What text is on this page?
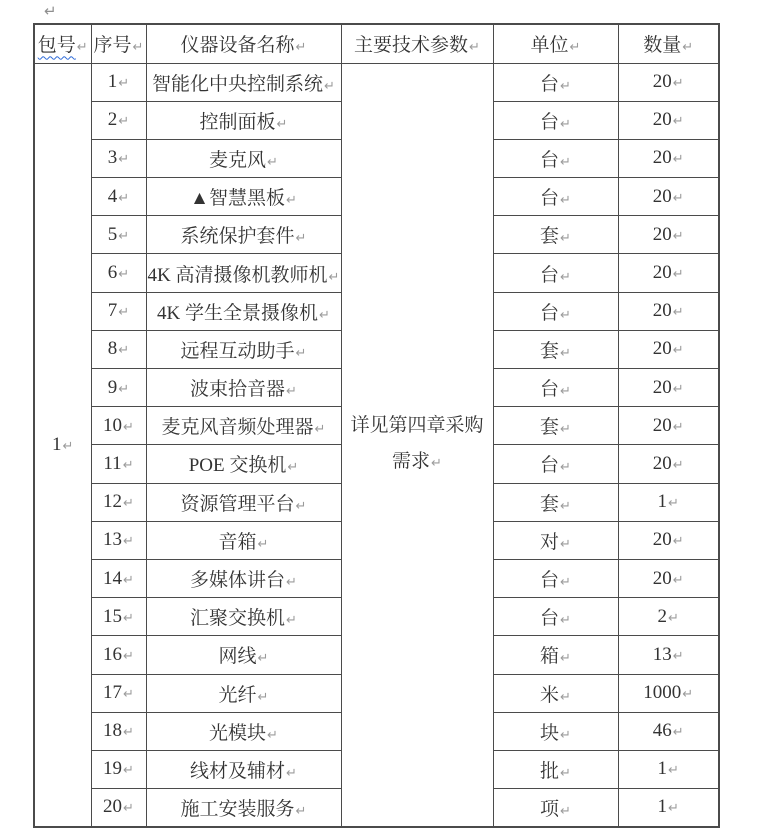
↵
包号↵	序号↵	仪器设备名称↵	主要技术参数↵	单位↵	数量↵
1↵	1↵	智能化中央控制系统↵	详见第四章采购
需求↵	台↵	20↵
	2↵	控制面板↵		台↵	20↵
	3↵	麦克风↵		台↵	20↵
	4↵	▲智慧黑板↵		台↵	20↵
	5↵	系统保护套件↵		套↵	20↵
	6↵	4K 高清摄像机教师机↵		台↵	20↵
	7↵	4K 学生全景摄像机↵		台↵	20↵
	8↵	远程互动助手↵		套↵	20↵
	9↵	波束拾音器↵		台↵	20↵
	10↵	麦克风音频处理器↵		套↵	20↵
	11↵	POE 交换机↵		台↵	20↵
	12↵	资源管理平台↵		套↵	1↵
	13↵	音箱↵		对↵	20↵
	14↵	多媒体讲台↵		台↵	20↵
	15↵	汇聚交换机↵		台↵	2↵
	16↵	网线↵		箱↵	13↵
	17↵	光纤↵		米↵	1000↵
	18↵	光模块↵		块↵	46↵
	19↵	线材及辅材↵		批↵	1↵
	20↵	施工安装服务↵		项↵	1↵
